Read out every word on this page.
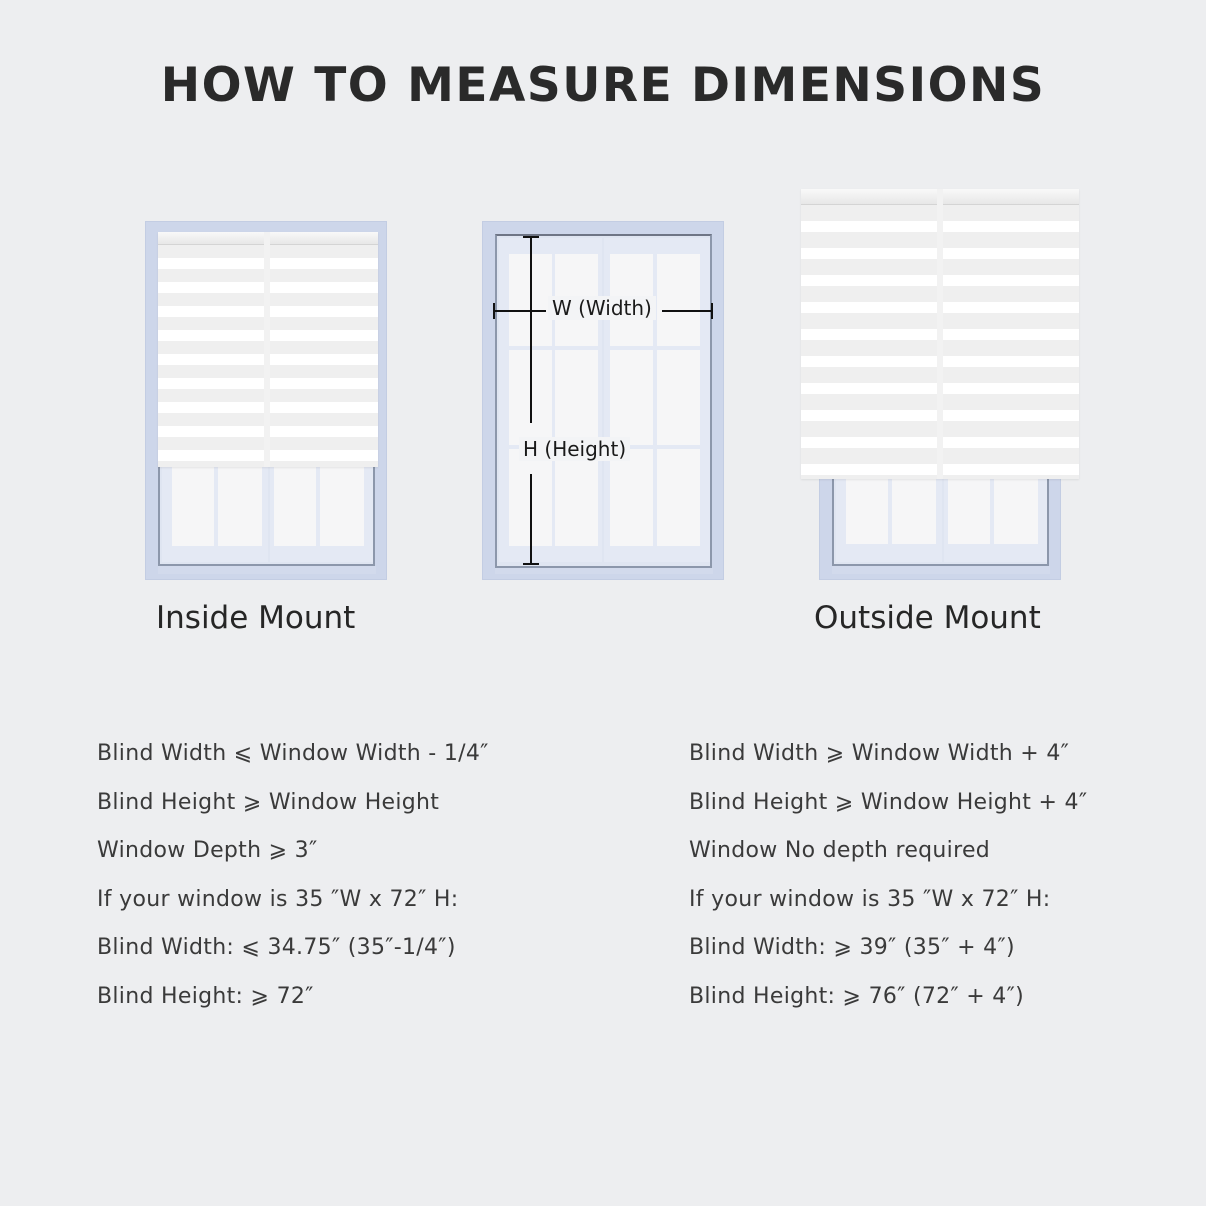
HOW TO MEASURE DIMENSIONS
Inside Mount
W (Width)
H (Height)
Outside Mount
Blind Width ⩽ Window Width - 1/4″
Blind Height ⩾ Window Height
Window Depth ⩾ 3″
If your window is 35 ″W x 72″ H:
Blind Width: ⩽ 34.75″ (35″-1/4″)
Blind Height: ⩾ 72″
Blind Width ⩾ Window Width + 4″
Blind Height ⩾ Window Height + 4″
Window No depth required
If your window is 35 ″W x 72″ H:
Blind Width: ⩾ 39″ (35″ + 4″)
Blind Height: ⩾ 76″ (72″ + 4″)
